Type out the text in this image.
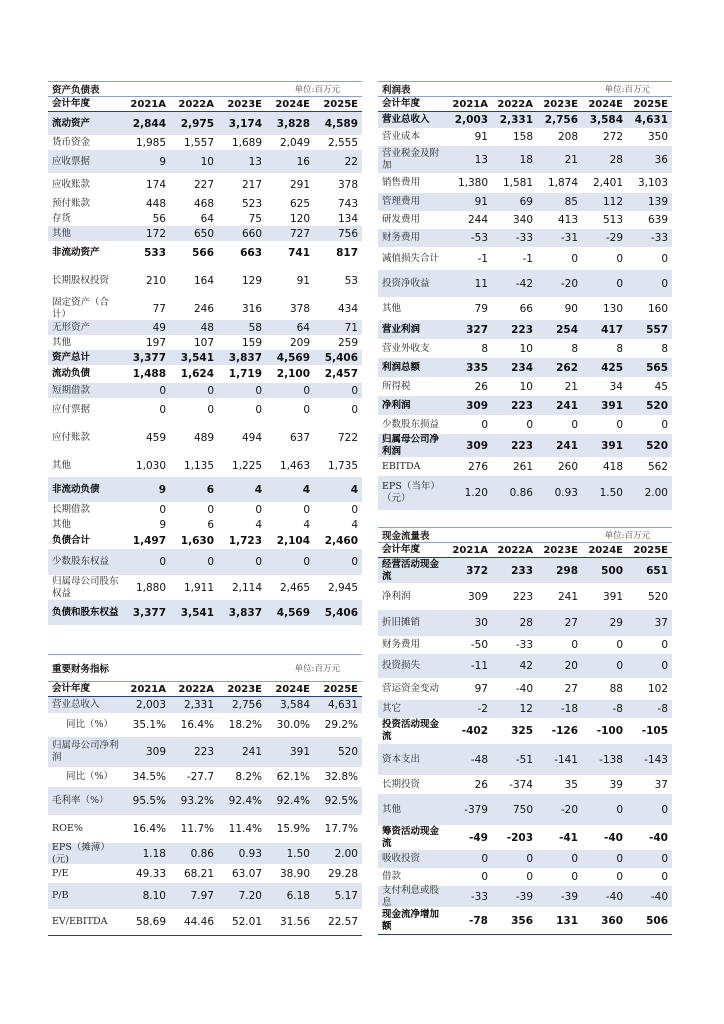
资产负债表	单位:百万元
会计年度	2021A	2022A	2023E	2024E	2025E
流动资产	2,844	2,975	3,174	3,828	4,589
货币资金	1,985	1,557	1,689	2,049	2,555
应收票据	9	10	13	16	22
应收账款	174	227	217	291	378
预付账款	448	468	523	625	743
存货	56	64	75	120	134
其他	172	650	660	727	756
非流动资产	533	566	663	741	817
长期股权投资	210	164	129	91	53
固定资产（合计）	77	246	316	378	434
无形资产	49	48	58	64	71
其他	197	107	159	209	259
资产总计	3,377	3,541	3,837	4,569	5,406
流动负债	1,488	1,624	1,719	2,100	2,457
短期借款	0	0	0	0	0
应付票据	0	0	0	0	0
应付账款	459	489	494	637	722
其他	1,030	1,135	1,225	1,463	1,735
非流动负债	9	6	4	4	4
长期借款	0	0	0	0	0
其他	9	6	4	4	4
负债合计	1,497	1,630	1,723	2,104	2,460
少数股东权益	0	0	0	0	0
归属母公司股东权益	1,880	1,911	2,114	2,465	2,945
负债和股东权益	3,377	3,541	3,837	4,569	5,406
重要财务指标	单位:百万元
会计年度	2021A	2022A	2023E	2024E	2025E
营业总收入	2,003	2,331	2,756	3,584	4,631
同比（%）	35.1%	16.4%	18.2%	30.0%	29.2%
归属母公司净利润	309	223	241	391	520
同比（%）	34.5%	-27.7	8.2%	62.1%	32.8%
毛利率（%）	95.5%	93.2%	92.4%	92.4%	92.5%
ROE%	16.4%	11.7%	11.4%	15.9%	17.7%
EPS（摊薄）(元)	1.18	0.86	0.93	1.50	2.00
P/E	49.33	68.21	63.07	38.90	29.28
P/B	8.10	7.97	7.20	6.18	5.17
EV/EBITDA	58.69	44.46	52.01	31.56	22.57
利润表	单位:百万元
会计年度	2021A 2022A	2023E	2024E	2025E
营业总收入	2,003	2,331	2,756	3,584	4,631
营业成本	91	158	208	272	350
营业税金及附加	13	18	21	28	36
销售费用	1,380	1,581	1,874	2,401	3,103
管理费用	91	69	85	112	139
研发费用	244	340	413	513	639
财务费用	-53	-33	-31	-29	-33
减值损失合计	-1	-1	0	0	0
投资净收益	11	-42	-20	0	0
其他	79	66	90	130	160
营业利润	327	223	254	417	557
营业外收支	8	10	8	8	8
利润总额	335	234	262	425	565
所得税	26	10	21	34	45
净利润	309	223	241	391	520
少数股东损益	0	0	0	0	0
归属母公司净利润	309	223	241	391	520
EBITDA	276	261	260	418	562
EPS（当年）（元）	1.20	0.86	0.93	1.50	2.00
现金流量表	单位:百万元
会计年度	2021A 2022A	2023E	2024E	2025E
经营活动现金流	372	233	298	500	651
净利润	309	223	241	391	520
折旧摊销	30	28	27	29	37
财务费用	-50	-33	0	0	0
投资损失	-11	42	20	0	0
营运资金变动	97	-40	27	88	102
其它	-2	12	-18	-8	-8
投资活动现金流	-402	325	-126	-100	-105
资本支出	-48	-51	-141	-138	-143
长期投资	26	-374	35	39	37
其他	-379	750	-20	0	0
筹资活动现金流	-49	-203	-41	-40	-40
吸收投资	0	0	0	0	0
借款	0	0	0	0	0
支付利息或股息	-33	-39	-39	-40	-40
现金流净增加额	-78	356	131	360	506
